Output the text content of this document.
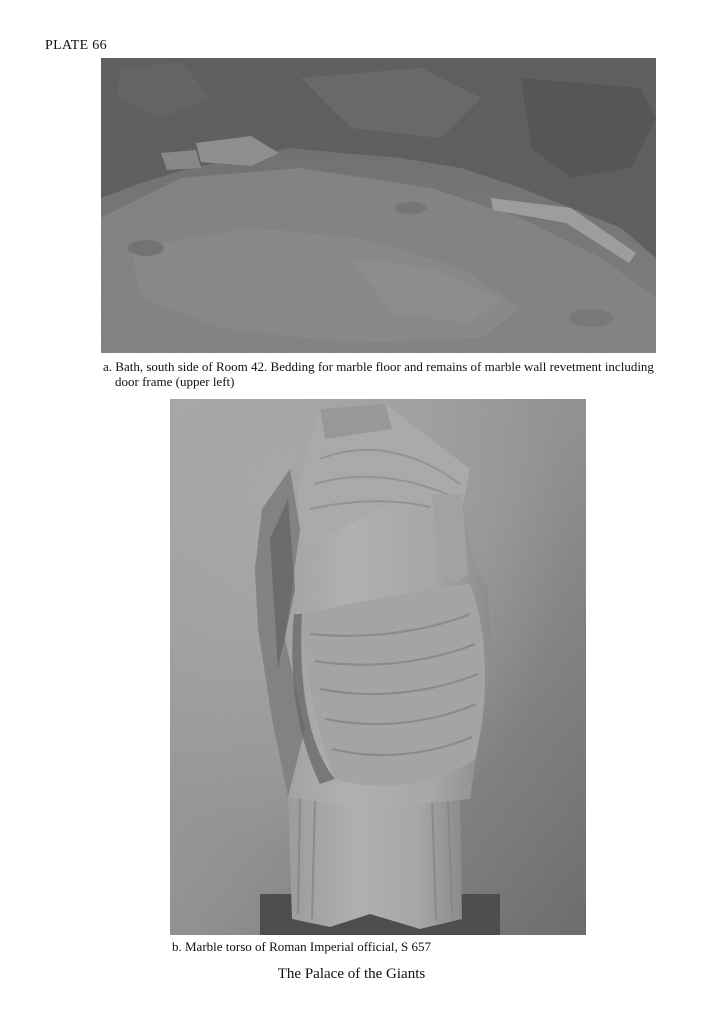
PLATE 66
a. Bath, south side of Room 42. Bedding for marble floor and remains of marble wall revetment including
door frame (upper left)
b. Marble torso of Roman Imperial official, S 657
The Palace of the Giants
